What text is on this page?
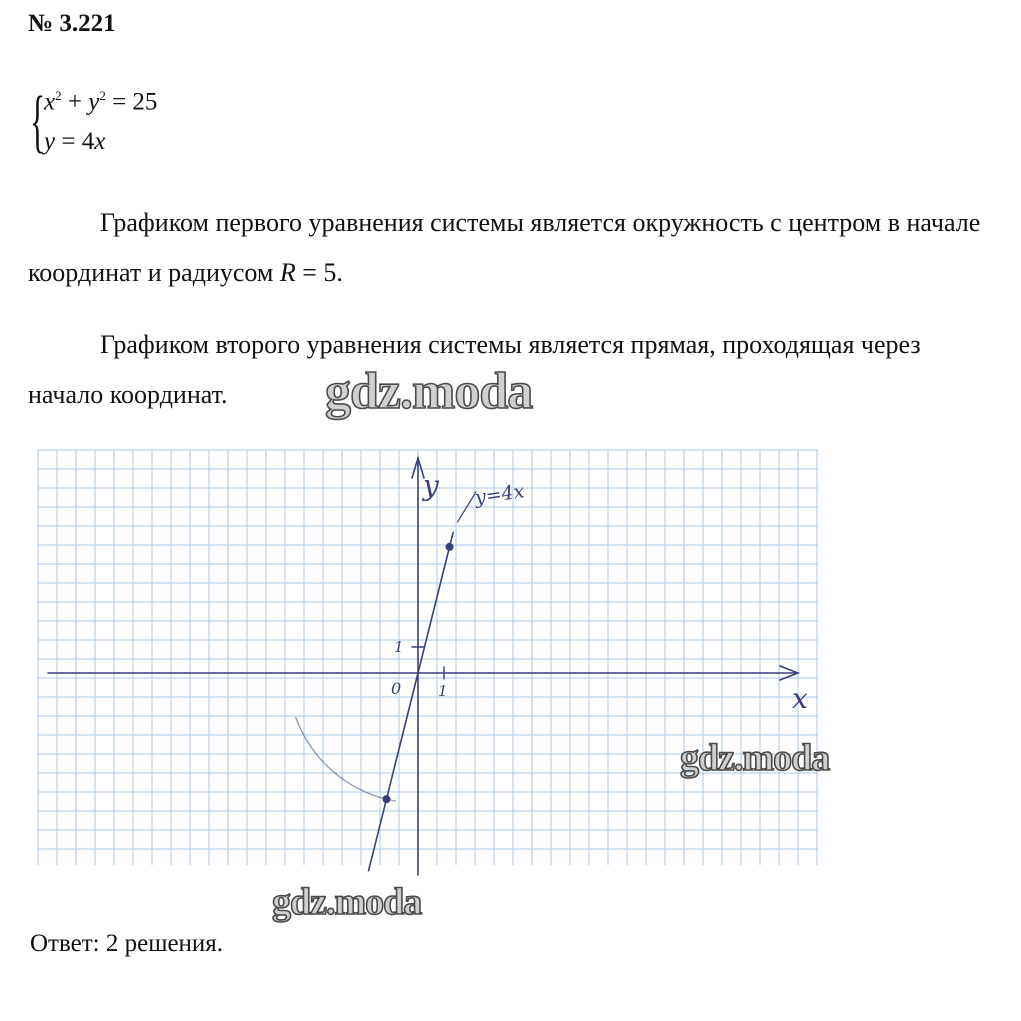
№ 3.221
{
$x^2 + y^2 = 25$
y = 4x
Графиком первого уравнения системы является окружность с центром в начале координат и радиусом R = 5.
Графиком второго уравнения системы является прямая, проходящая через начало координат.
y
x
0 1
1
y=4x
Ответ: 2 решения.
gdz.moda
gdz.moda
gdz.moda
